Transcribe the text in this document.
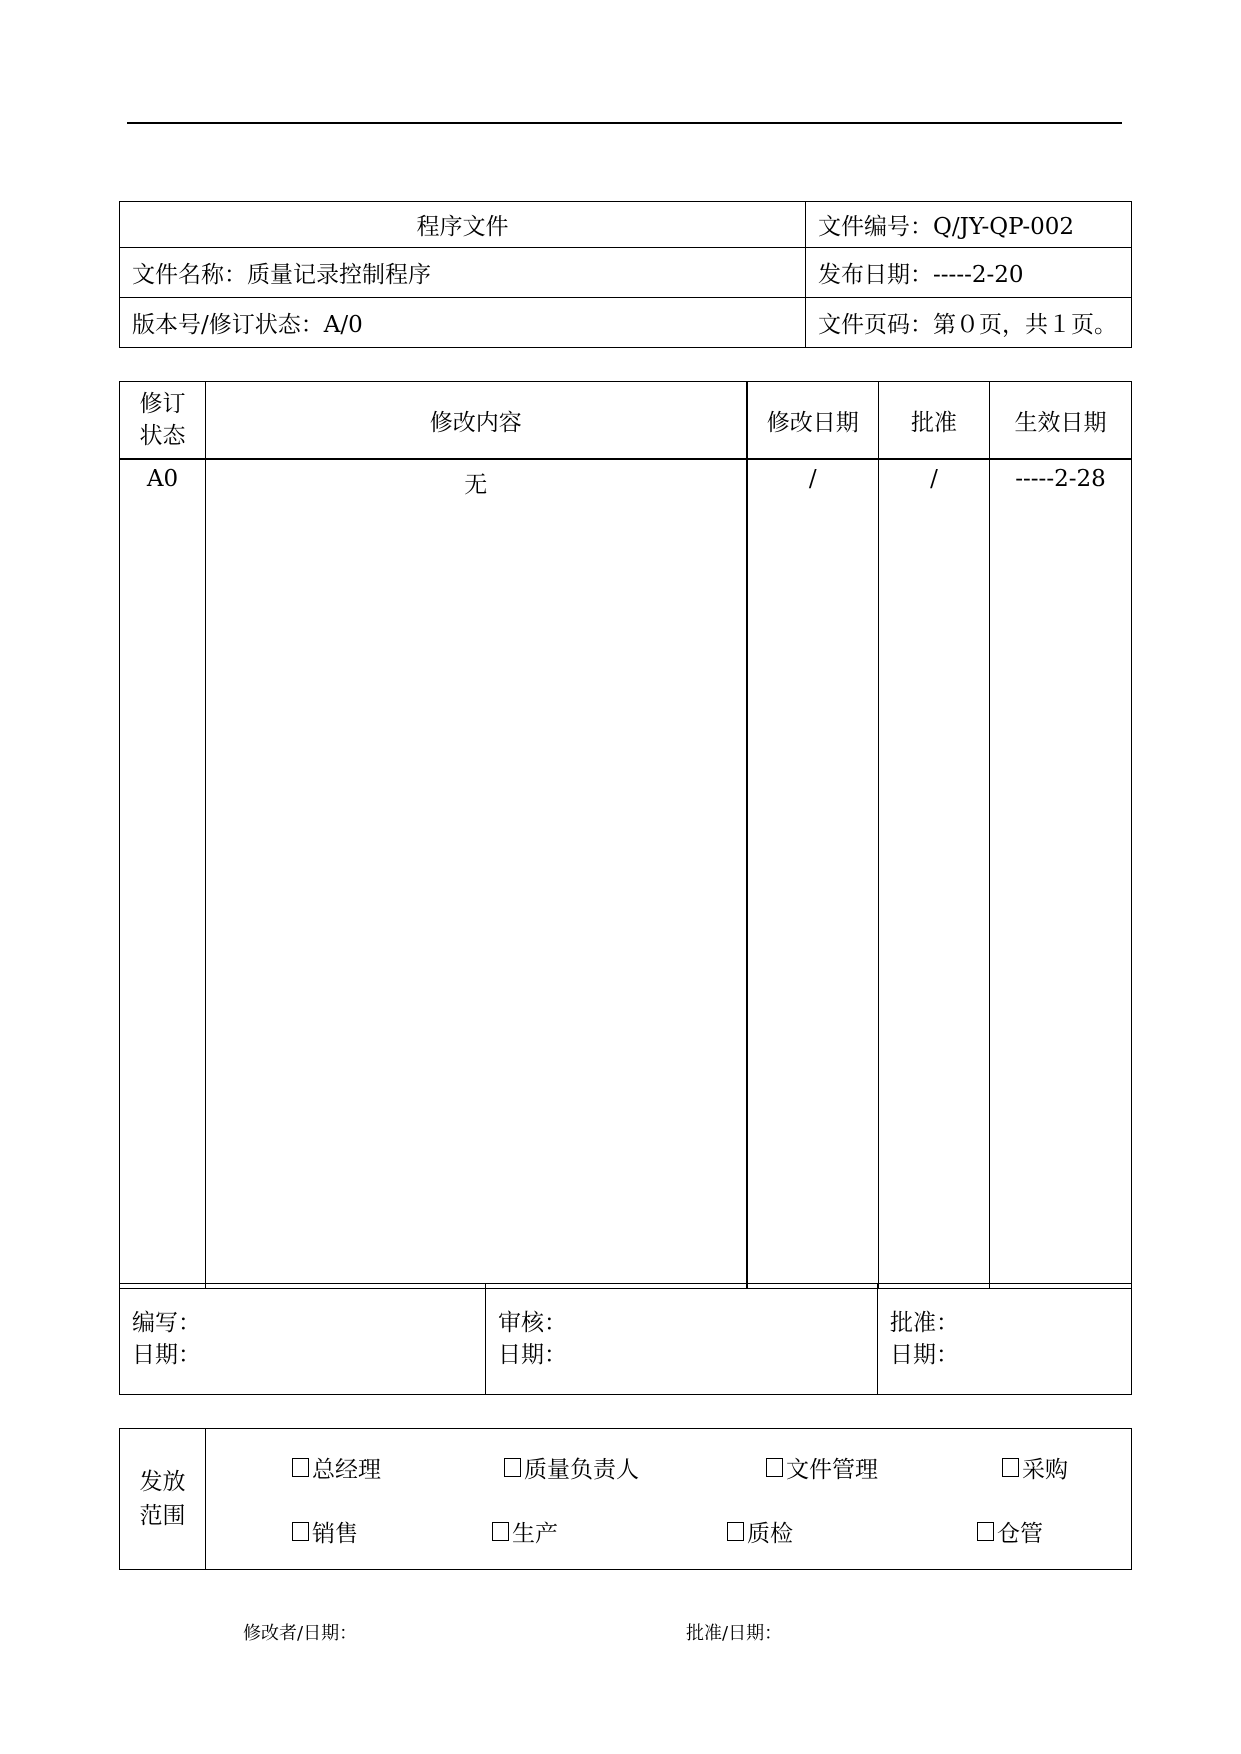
程序文件	文件编号：Q/JY-QP-002
文件名称：质量记录控制程序	发布日期：-----2-20
版本号/修订状态：A/0	文件页码：第０页，共１页。
修订
状态	修改内容	修改日期	批准	生效日期
A0	无	/	/	-----2-28
编写：
日期：

审核：
日期：

批准：
日期：
发放
范围

总经理	质量负责人	文件管理	采购
销售	生产	质检	仓管
修改者/日期：	批准/日期：
